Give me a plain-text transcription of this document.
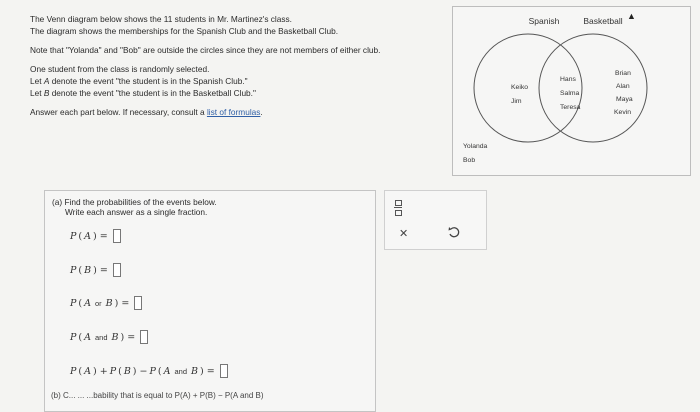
The Venn diagram below shows the 11 students in Mr. Martinez's class.

The diagram shows the memberships for the Spanish Club and the Basketball Club.

Note that "Yolanda" and "Bob" are outside the circles since they are not members of either club.

One student from the class is randomly selected.

Let A denote the event "the student is in the Spanish Club."

Let B denote the event "the student is in the Basketball Club."

Answer each part below. If necessary, consult a list of formulas.

Spanish	Basketball
Keiko
Jim
Hans
Salma
Teresa
Brian
Alan
Maya
Kevin
Yolanda
Bob
▲
(a) Find the probabilities of the events below.
Write each answer as a single fraction.
P ( A ) =
P ( B ) =
P ( A or B ) =
P ( A and B ) =
P ( A ) + P ( B ) − P ( A and B ) =
(b) C... ... ...bability that is equal to P(A) + P(B) − P(A and B)
✕
